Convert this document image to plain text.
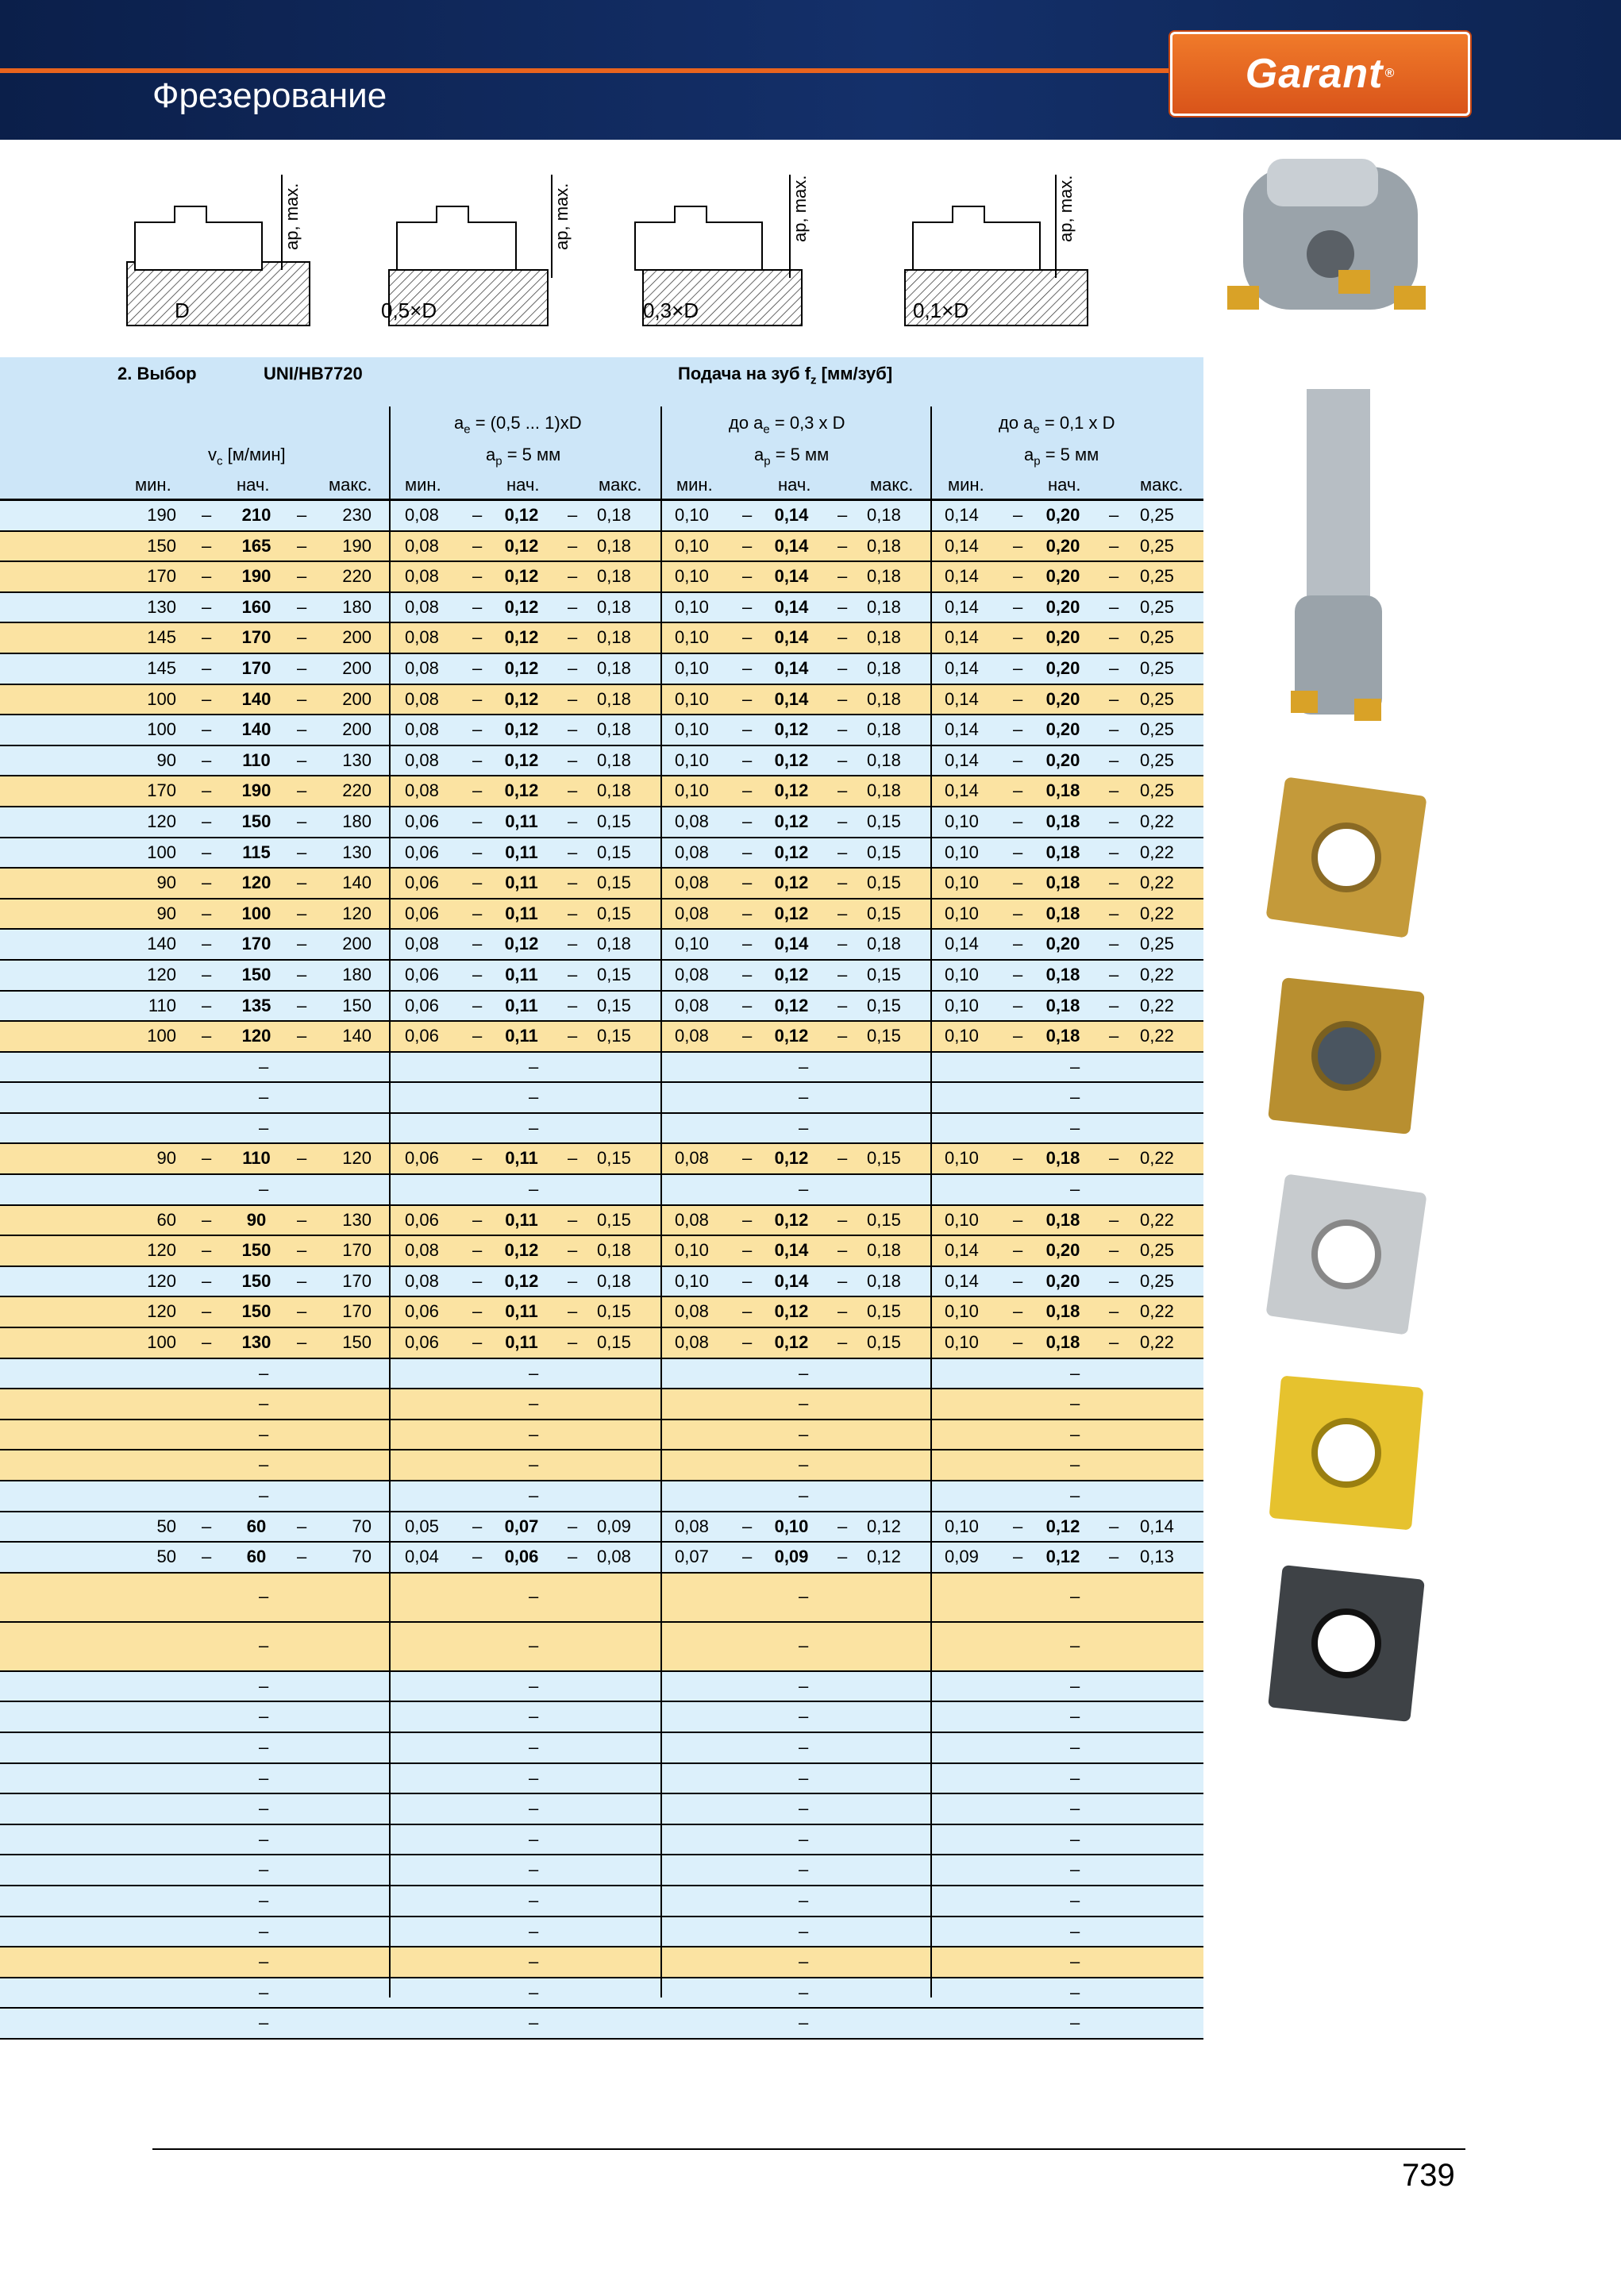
Фрезерование	Garant ®
D
ap, max.
0,5×D
ap, max.
0,3×D
ap, max.
0,1×D
ap, max.
2. Выбор	UNI/HB7720	Подача на зуб $f_z$ [мм/зуб]
$a_e = (0,5$ ... 1)xD
$a_p = 5$ мм
до $a_e = 0,3$ x D
$a_p = 5$ мм
до $a_e = 0,1$ x D
$a_p = 5$ мм
$v_c$ [м/мин]
мин.	нач.	макс. мин.	нач.	макс. мин.	нач.	макс. мин.	нач.	макс.
190 –	210	–	230 0,08 – 0,12 – 0,18	0,10 – 0,14 – 0,18	0,14 – 0,20 – 0,25
150 –	165	–	190 0,08 – 0,12 – 0,18	0,10 – 0,14 – 0,18	0,14 – 0,20 – 0,25
170 –	190	–	220 0,08 – 0,12 – 0,18	0,10 – 0,14 – 0,18	0,14 – 0,20 – 0,25
130 –	160	–	180 0,08 – 0,12 – 0,18	0,10 – 0,14 – 0,18	0,14 – 0,20 – 0,25
145 –	170	–	200 0,08 – 0,12 – 0,18	0,10 – 0,14 – 0,18	0,14 – 0,20 – 0,25
145 –	170	–	200 0,08 – 0,12 – 0,18	0,10 – 0,14 – 0,18	0,14 – 0,20 – 0,25
100 –	140	–	200 0,08 – 0,12 – 0,18	0,10 – 0,14 – 0,18	0,14 – 0,20 – 0,25
100 –	140	–	200 0,08 – 0,12 – 0,18	0,10 – 0,12 – 0,18	0,14 – 0,20 – 0,25
90 –	110	–	130 0,08 – 0,12 – 0,18	0,10 – 0,12 – 0,18	0,14 – 0,20 – 0,25
170 –	190	–	220 0,08 – 0,12 – 0,18	0,10 – 0,12 – 0,18	0,14 – 0,18 – 0,25
120 –	150	–	180 0,06 – 0,11 – 0,15	0,08 – 0,12 – 0,15	0,10 – 0,18 – 0,22
100 –	115	–	130 0,06 – 0,11 – 0,15	0,08 – 0,12 – 0,15	0,10 – 0,18 – 0,22
90 –	120	–	140 0,06 – 0,11 – 0,15	0,08 – 0,12 – 0,15	0,10 – 0,18 – 0,22
90 –	100	–	120 0,06 – 0,11 – 0,15	0,08 – 0,12 – 0,15	0,10 – 0,18 – 0,22
140 –	170	–	200 0,08 – 0,12 – 0,18	0,10 – 0,14 – 0,18	0,14 – 0,20 – 0,25
120 –	150	–	180 0,06 – 0,11 – 0,15	0,08 – 0,12 – 0,15	0,10 – 0,18 – 0,22
110 –	135	–	150 0,06 – 0,11 – 0,15	0,08 – 0,12 – 0,15	0,10 – 0,18 – 0,22
100 –	120	–	140 0,06 – 0,11 – 0,15	0,08 – 0,12 – 0,15	0,10 – 0,18 – 0,22
–	–	–	–
–	–	–	–
–	–	–	–
90 –	110	–	120 0,06 – 0,11 – 0,15	0,08 – 0,12 – 0,15	0,10 – 0,18 – 0,22
–	–	–	–
60 –	90	–	130 0,06 – 0,11 – 0,15	0,08 – 0,12 – 0,15	0,10 – 0,18 – 0,22
120 –	150	–	170 0,08 – 0,12 – 0,18	0,10 – 0,14 – 0,18	0,14 – 0,20 – 0,25
120 –	150	–	170 0,08 – 0,12 – 0,18	0,10 – 0,14 – 0,18	0,14 – 0,20 – 0,25
120 –	150	–	170 0,06 – 0,11 – 0,15	0,08 – 0,12 – 0,15	0,10 – 0,18 – 0,22
100 –	130	–	150 0,06 – 0,11 – 0,15	0,08 – 0,12 – 0,15	0,10 – 0,18 – 0,22
–	–	–	–
–	–	–	–
–	–	–	–
–	–	–	–
–	–	–	–
50 –	60	–	70 0,05 – 0,07 – 0,09	0,08 – 0,10 – 0,12	0,10 – 0,12 – 0,14
50 –	60	–	70 0,04 – 0,06 – 0,08	0,07 – 0,09 – 0,12	0,09 – 0,12 – 0,13
–	–	–	–
–	–	–	–
–	–	–	–
–	–	–	–
–	–	–	–
–	–	–	–
–	–	–	–
–	–	–	–
–	–	–	–
–	–	–	–
–	–	–	–
–	–	–	–
–	–	–	–
–	–	–	–
739
